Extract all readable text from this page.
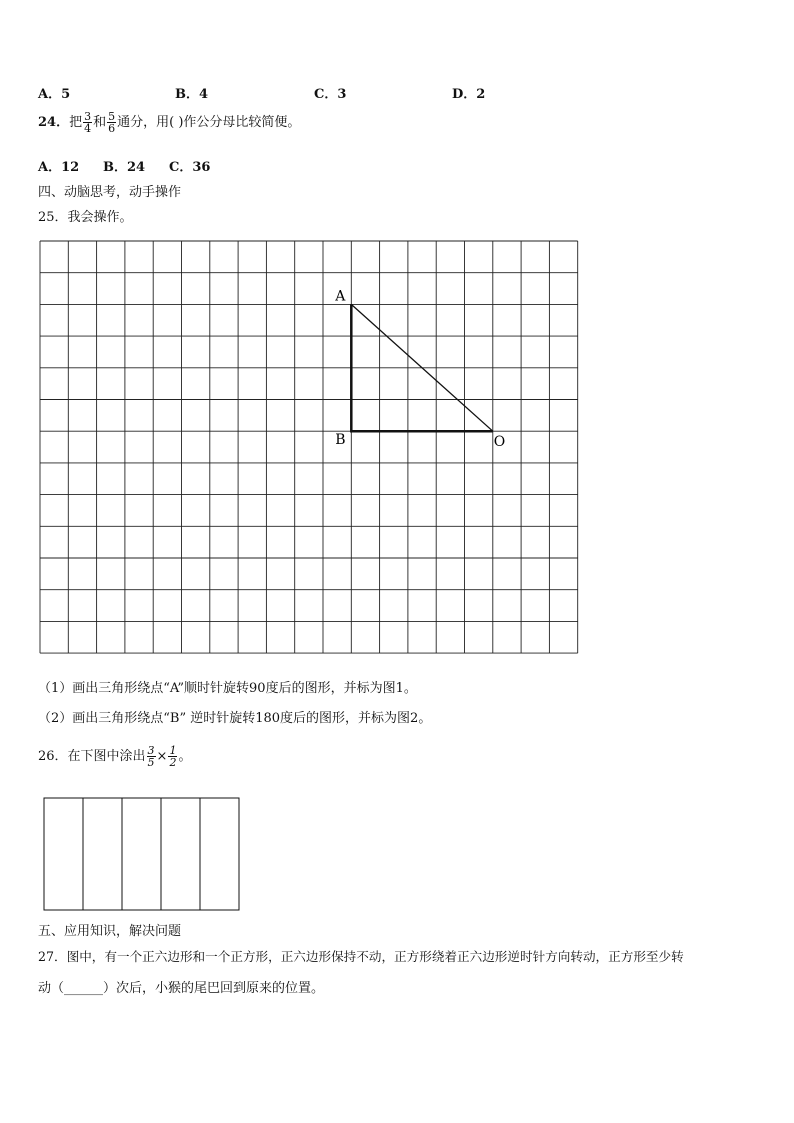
A．5	B．4	C．3	D．2
24．把 $\frac{3}{4}$ 和 $\frac{5}{6}$ 通分，用( )作公分母比较简便。
A．12 B．24 C．36
四、动脑思考，动手操作
25．我会操作。
A
B	O
（1）画出三角形绕点“A”顺时针旋转90度后的图形，并标为图1。
（2）画出三角形绕点“B” 逆时针旋转180度后的图形，并标为图2。
26．在下图中涂出 $\frac{3}{5} \times \frac{1}{2}$ 。
五、应用知识，解决问题
27．图中，有一个正六边形和一个正方形，正六边形保持不动，正方形绕着正六边形逆时针方向转动，正方形至少转
动（______）次后，小猴的尾巴回到原来的位置。
